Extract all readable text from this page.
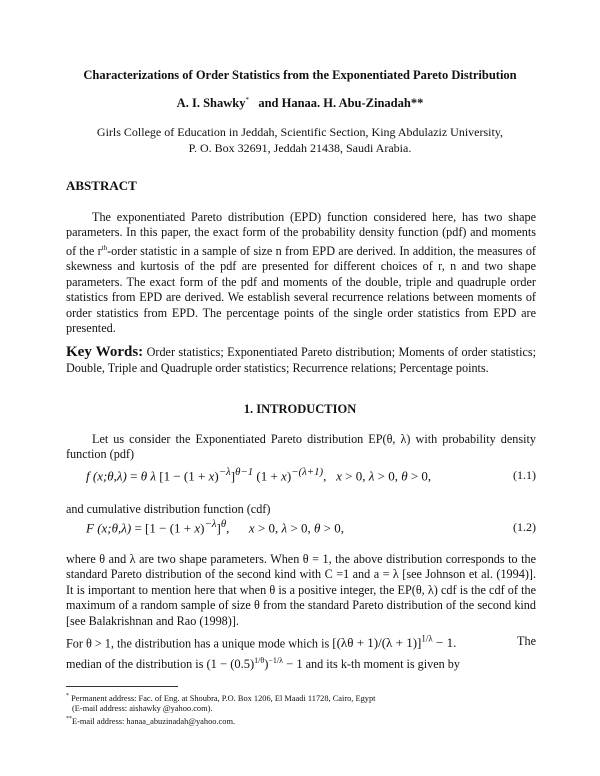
Characterizations of Order Statistics from the Exponentiated Pareto Distribution
A. I. Shawky* and Hanaa. H. Abu-Zinadah**
Girls College of Education in Jeddah, Scientific Section, King Abdulaziz University,
P. O. Box 32691, Jeddah 21438, Saudi Arabia.
ABSTRACT
The exponentiated Pareto distribution (EPD) function considered here, has two shape parameters. In this paper, the exact form of the probability density function (pdf) and moments of the $r^{th}$-order statistic in a sample of size n from EPD are derived. In addition, the measures of skewness and kurtosis of the pdf are presented for different choices of r, n and two shape parameters. The exact form of the pdf and moments of the double, triple and quadruple order statistics from EPD are derived. We establish several recurrence relations between moments of order statistics from EPD. The percentage points of the single order statistics from EPD are presented.
Key Words: Order statistics; Exponentiated Pareto distribution; Moments of order statistics; Double, Triple and Quadruple order statistics; Recurrence relations; Percentage points.
1. INTRODUCTION
Let us consider the Exponentiated Pareto distribution EP(θ, λ) with probability density function (pdf)
f (x;θ,λ) = θ λ $[1 - (1 + x)^{-\lambda}]^{\theta-1}$ $(1 + x)^{-(\lambda+1)}$,   x > 0, λ > 0, θ > 0,	(1.1)
and cumulative distribution function (cdf)
F (x;θ,λ) = $[1 - (1 + x)^{-\lambda}]^\theta$,      x > 0, λ > 0, θ > 0,	(1.2)
where θ and λ are two shape parameters. When θ = 1, the above distribution corresponds to the standard Pareto distribution of the second kind with C =1 and a = λ [see Johnson et al. (1994)]. It is important to mention here that when θ is a positive integer, the EP(θ, λ) cdf is the cdf of the maximum of a random sample of size θ from the standard Pareto distribution of the second kind [see Balakrishnan and Rao (1998)].
For θ > 1, the distribution has a unique mode which is $[(\lambda\theta + 1)/(\lambda + 1)]^{1/\lambda} - 1$.	The
median of the distribution is $(1 - (0.5)^{1/\theta})^{-1/\lambda} - 1$ and its k-th moment is given by
* Permanent address: Fac. of Eng. at Shoubra, P.O. Box 1206, El Maadi 11728, Cairo, Egypt
(E-mail address: aishawky @yahoo.com).
**E-mail address: hanaa_abuzinadah@yahoo.com.
